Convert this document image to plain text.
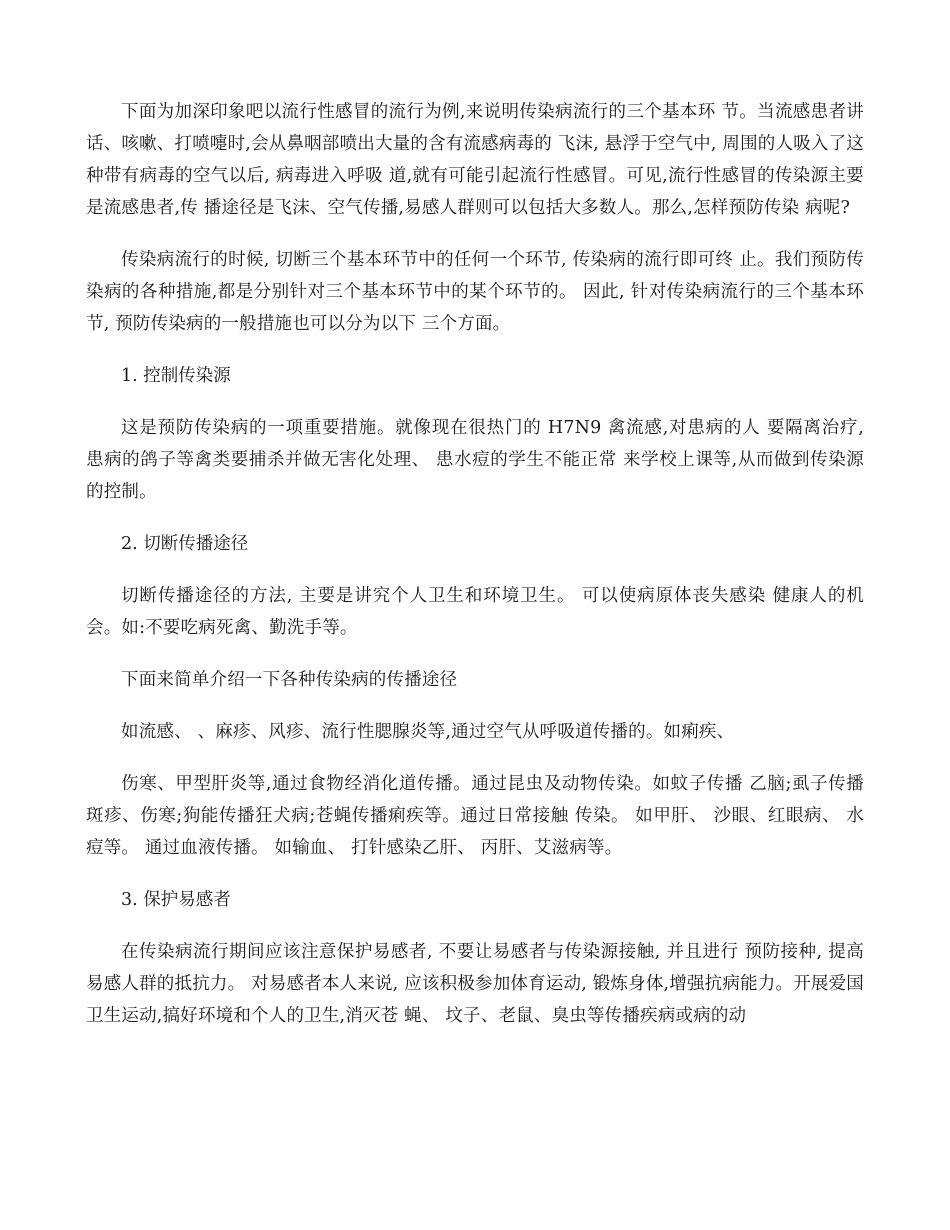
下面为加深印象吧以流行性感冒的流行为例,来说明传染病流行的三个基本环 节。当流感患者讲话、咳嗽、打喷嚏时,会从鼻咽部喷出大量的含有流感病毒的 飞沫, 悬浮于空气中, 周围的人吸入了这种带有病毒的空气以后, 病毒进入呼吸 道,就有可能引起流行性感冒。可见,流行性感冒的传染源主要是流感患者,传 播途径是飞沫、空气传播,易感人群则可以包括大多数人。那么,怎样预防传染 病呢?

传染病流行的时候, 切断三个基本环节中的任何一个环节, 传染病的流行即可终 止。我们预防传染病的各种措施,都是分别针对三个基本环节中的某个环节的。 因此, 针对传染病流行的三个基本环节, 预防传染病的一般措施也可以分为以下 三个方面。

1. 控制传染源

这是预防传染病的一项重要措施。就像现在很热门的 H7N9 禽流感,对患病的人 要隔离治疗, 患病的鸽子等禽类要捕杀并做无害化处理、 患水痘的学生不能正常 来学校上课等,从而做到传染源的控制。

2. 切断传播途径

切断传播途径的方法, 主要是讲究个人卫生和环境卫生。 可以使病原体丧失感染 健康人的机会。如:不要吃病死禽、勤洗手等。

下面来简单介绍一下各种传染病的传播途径

如流感、 、麻疹、风疹、流行性腮腺炎等,通过空气从呼吸道传播的。如痢疾、

伤寒、甲型肝炎等,通过食物经消化道传播。通过昆虫及动物传染。如蚊子传播 乙脑;虱子传播斑疹、伤寒;狗能传播狂犬病;苍蝇传播痢疾等。通过日常接触 传染。 如甲肝、 沙眼、红眼病、 水痘等。 通过血液传播。 如输血、 打针感染乙肝、 丙肝、艾滋病等。

3. 保护易感者

在传染病流行期间应该注意保护易感者, 不要让易感者与传染源接触, 并且进行 预防接种, 提高易感人群的抵抗力。 对易感者本人来说, 应该积极参加体育运动, 锻炼身体,增强抗病能力。开展爱国卫生运动,搞好环境和个人的卫生,消灭苍 蝇、 坟子、老鼠、臭虫等传播疾病或病的动
